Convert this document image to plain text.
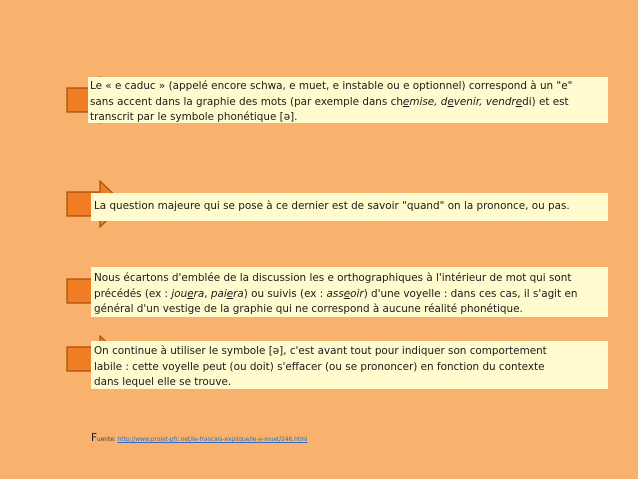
Le « e caduc » (appelé encore schwa, e muet, e instable ou e optionnel) correspond à un "e"

sans accent dans la graphie des mots (par exemple dans chemise, devenir, vendredi) et est

transcrit par le symbole phonétique [ə].

La question majeure qui se pose à ce dernier est de savoir "quand" on la prononce, ou pas.

Nous écartons d'emblée de la discussion les e orthographiques à l'intérieur de mot qui sont

précédés (ex : jouera, paiera) ou suivis (ex : asseoir) d'une voyelle : dans ces cas, il s'agit en

général d'un vestige de la graphie qui ne correspond à aucune réalité phonétique.

On continue à utiliser le symbole [ə], c'est avant tout pour indiquer son comportement

labile : cette voyelle peut (ou doit) s'effacer (ou se prononcer) en fonction du contexte

dans lequel elle se trouve.

Fuente: http://www.projet-pfc.net/le-francais-explique/le-e-muet/246.html
